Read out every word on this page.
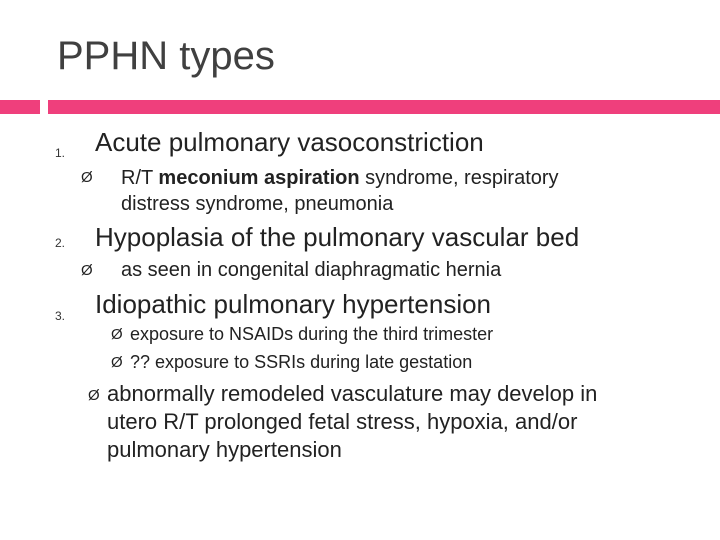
PPHN types
1. Acute pulmonary vasoconstriction
Ø R/T meconium aspiration syndrome, respiratory
distress syndrome, pneumonia
2. Hypoplasia of the pulmonary vascular bed
Ø as seen in congenital diaphragmatic hernia
3. Idiopathic pulmonary hypertension
Ø exposure to NSAIDs during the third trimester
Ø ?? exposure to SSRIs during late gestation
Ø abnormally remodeled vasculature may develop in
utero R/T prolonged fetal stress, hypoxia, and/or
pulmonary hypertension
